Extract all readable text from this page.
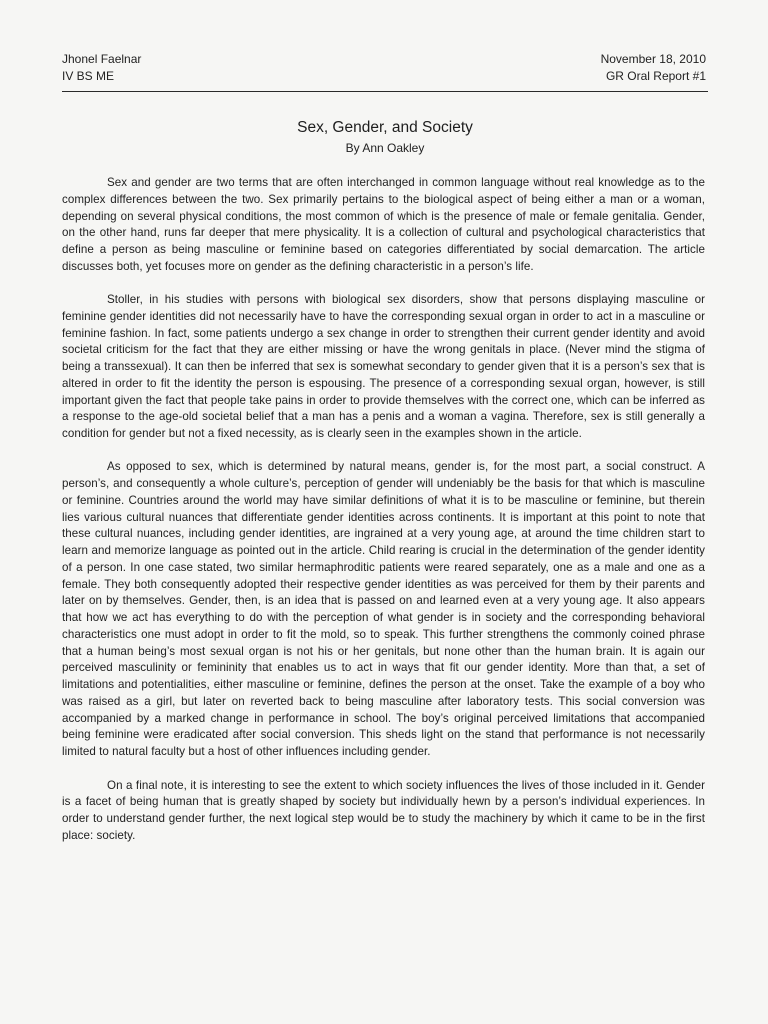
Jhonel Faelnar
IV BS ME
November 18, 2010
GR Oral Report #1
Sex, Gender, and Society
By Ann Oakley

Sex and gender are two terms that are often interchanged in common language without real knowledge as to the complex differences between the two. Sex primarily pertains to the biological aspect of being either a man or a woman, depending on several physical conditions, the most common of which is the presence of male or female genitalia. Gender, on the other hand, runs far deeper that mere physicality. It is a collection of cultural and psychological characteristics that define a person as being masculine or feminine based on categories differentiated by social demarcation. The article discusses both, yet focuses more on gender as the defining characteristic in a person’s life.

Stoller, in his studies with persons with biological sex disorders, show that persons displaying masculine or feminine gender identities did not necessarily have to have the corresponding sexual organ in order to act in a masculine or feminine fashion. In fact, some patients undergo a sex change in order to strengthen their current gender identity and avoid societal criticism for the fact that they are either missing or have the wrong genitals in place. (Never mind the stigma of being a transsexual). It can then be inferred that sex is somewhat secondary to gender given that it is a person’s sex that is altered in order to fit the identity the person is espousing. The presence of a corresponding sexual organ, however, is still important given the fact that people take pains in order to provide themselves with the correct one, which can be inferred as a response to the age-old societal belief that a man has a penis and a woman a vagina. Therefore, sex is still generally a condition for gender but not a fixed necessity, as is clearly seen in the examples shown in the article.

As opposed to sex, which is determined by natural means, gender is, for the most part, a social construct. A person’s, and consequently a whole culture’s, perception of gender will undeniably be the basis for that which is masculine or feminine. Countries around the world may have similar definitions of what it is to be masculine or feminine, but therein lies various cultural nuances that differentiate gender identities across continents. It is important at this point to note that these cultural nuances, including gender identities, are ingrained at a very young age, at around the time children start to learn and memorize language as pointed out in the article. Child rearing is crucial in the determination of the gender identity of a person. In one case stated, two similar hermaphroditic patients were reared separately, one as a male and one as a female. They both consequently adopted their respective gender identities as was perceived for them by their parents and later on by themselves. Gender, then, is an idea that is passed on and learned even at a very young age. It also appears that how we act has everything to do with the perception of what gender is in society and the corresponding behavioral characteristics one must adopt in order to fit the mold, so to speak. This further strengthens the commonly coined phrase that a human being’s most sexual organ is not his or her genitals, but none other than the human brain. It is again our perceived masculinity or femininity that enables us to act in ways that fit our gender identity. More than that, a set of limitations and potentialities, either masculine or feminine, defines the person at the onset. Take the example of a boy who was raised as a girl, but later on reverted back to being masculine after laboratory tests. This social conversion was accompanied by a marked change in performance in school. The boy’s original perceived limitations that accompanied being feminine were eradicated after social conversion. This sheds light on the stand that performance is not necessarily limited to natural faculty but a host of other influences including gender.

On a final note, it is interesting to see the extent to which society influences the lives of those included in it. Gender is a facet of being human that is greatly shaped by society but individually hewn by a person’s individual experiences. In order to understand gender further, the next logical step would be to study the machinery by which it came to be in the first place: society.
